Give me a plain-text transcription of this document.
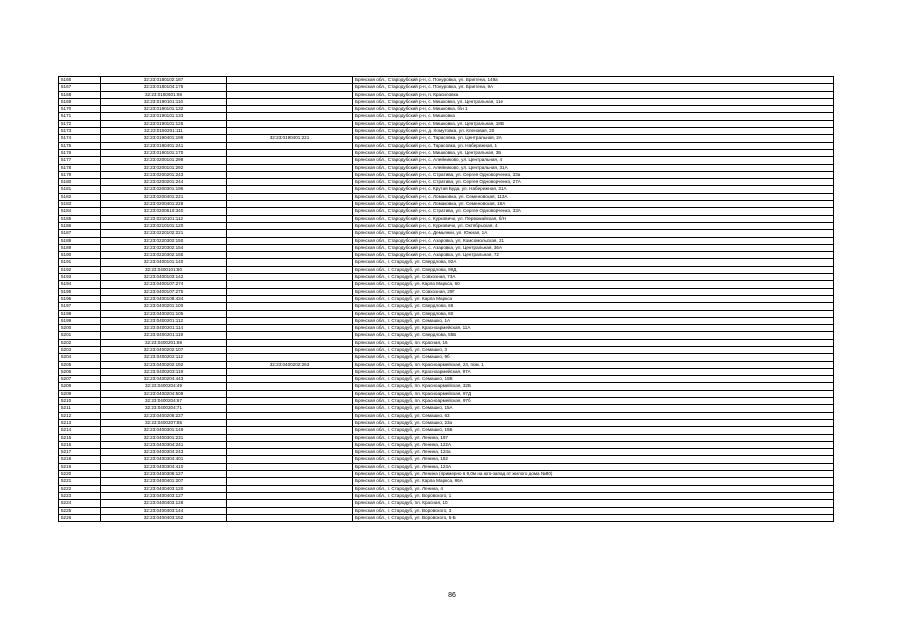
5166	32:23:0180102:187		Брянская обл., Стародубский р-н, с. Понуровка, ул. Бриггена, 149а
5167	32:23:0180104:175		Брянская обл., Стародубский р-н, с. Понуровка, ул. Бриггена, 9А
5168	32:23:0180601:98		Брянская обл., Стародубский р-н, п. Красиловка
5169	32:23:0190101:110		Брянская обл., Стародубский р-н, с. Мишковка, ул. Центральная, 11е
5170	32:23:0190101:132		Брянская обл., Стародубский р-н, с. Мишковка, б\н 1
5171	32:23:0190101:133		Брянская обл., Стародубский р-н, с. Мишковка
5172	32:23:0190101:125		Брянская обл., Стародубский р-н, с. Мишковка, ул. Центральная, 18В
5173	32:23:0190201:111		Брянская обл., Стародубский р-н, д. Хомутовка, ул. Кленовая, 20
5174	32:23:0190401:199	32:23:0190401:221	Брянская обл., Стародубский р-н, с. Тарасовка, ул. Центральная, 2А
5175	32:23:0190401:241		Брянская обл., Стародубский р-н, с. Тарасовка, ул. Набережная, 1
5176	32:23:0190101:170		Брянская обл., Стародубский р-н, с. Мишковка, ул. Центральная, 3Б
5177	32:23:0200101:298		Брянская обл., Стародубский р-н, с. Алейниково, ул. Центральная, 4
5178	32:23:0200101:292		Брянская обл., Стародубский р-н, с. Алейниково, ул. Центральная, 31А
5179	32:23:0200201:243		Брянская обл., Стародубский р-н, с. Стратива, ул. Сергея Одноворченко, 33а
5180	32:23:0200201:244		Брянская обл., Стародубский р-н, с. Стратива, ул. Сергея Одноворченко, 27А
5181	32:23:0200301:196		Брянская обл., Стародубский р-н, с. Крутая Буда, ул. Набережная, 31А
5182	32:23:0200401:221		Брянская обл., Стародубский р-н, с. Ломаковка, ул. Семеновская, 113А
5183	32:23:0200401:228		Брянская обл., Стародубский р-н, с. Ломаковка, ул. Семеновская, 18А
5184	32:23:0200610:340		Брянская обл., Стародубский р-н, с. Стратива, ул. Сергея Одноворченко, 33А
5185	32:23:0210101:112		Брянская обл., Стародубский р-н, с. Курковичи, ул. Первомайская, б/Н
5186	32:23:0210101:120		Брянская обл., Стародубский р-н, с. Курковичи, ул. Октябрьская, 4
5187	32:23:0220102:221		Брянская обл., Стародубский р-н, с. Демьянки, ул. Южная, 1А
5188	32:23:0220302:150		Брянская обл., Стародубский р-н, с. Азаровка, ул. Комсомольская, 21
5189	32:23:0220302:154		Брянская обл., Стародубский р-н, с. Азаровка, ул. Центральная, 36А
5190	32:23:0220302:155		Брянская обл., Стародубский р-н, с. Азаровка, ул. Центральная, 72
5191	32:23:0400101:140		Брянская обл., г. Стародуб, ул. Свердлова, 92А
5192	32:23:0400101:80		Брянская обл., г. Стародуб, ул. Свердлова, 99Д
5193	32:23:0400103:142		Брянская обл., г. Стародуб, ул. Совхозная, 73А
5194	32:23:0400107:274		Брянская обл., г. Стародуб, ул. Карла Маркса, 60
5195	32:23:0400107:275		Брянская обл., г. Стародуб, ул. Совхозная, 29Г
5196	32:23:0400108:434		Брянская обл., г. Стародуб, ул. Карла Маркса
5197	32:23:0400201:100		Брянская обл., г. Стародуб, ул. Свердлова, 68
5198	32:23:0400201:105		Брянская обл., г. Стародуб, ул. Свердлова, 60
5199	32:23:0400201:112		Брянская обл., г. Стародуб, ул. Семашко, 1А
5200	32:23:0400201:114		Брянская обл., г. Стародуб, ул. Красноармейская, 11А
5201	32:23:0400201:119		Брянская обл., г. Стародуб, ул. Свердлова, 55Б
5202	32:23:0400201:88		Брянская обл., г. Стародуб, пл. Красная, 16
5203	32:23:0400202:107		Брянская обл., г. Стародуб, ул. Семашко, 3
5204	32:23:0400202:112		Брянская обл., г. Стародуб, ул. Семашко, 9б
5205	32:23:0400202:192	32:23:0400202:263	Брянская обл., г. Стародуб, пл. Красноармейская, 24, пом. 1
5206	32:23:0400203:119		Брянская обл., г. Стародуб, ул. Красноармейская, 97А
5207	32:23:0400204:443		Брянская обл., г. Стародуб, ул. Семашко, 15В
5208	32:23:0400204:49		Брянская обл., г. Стародуб, пл. Красноармейская, 32Б
5209	32:23:0400204:509		Брянская обл., г. Стародуб, пл. Красноармейская, 97Д
5210	32:23:0400204:67		Брянская обл., г. Стародуб, пл. Красноармейская, 97б
5211	32:23:0400204:71		Брянская обл., г. Стародуб, ул. Семашко, 15А
5212	32:23:0400206:227		Брянская обл., г. Стародуб, ул. Семашко, 63
5213	32:23:0400207:85		Брянская обл., г. Стародуб, ул. Семашко, 23а
5214	32:23:0400301:146		Брянская обл., г. Стародуб, ул. Семашко, 15Б
5215	32:23:0400301:231		Брянская обл., г. Стародуб, ул. Ленина, 197
5216	32:23:0400304:241		Брянская обл., г. Стародуб, ул. Ленина, 122А
5217	32:23:0400304:243		Брянская обл., г. Стародуб, ул. Ленина, 124а
5218	32:23:0400304:401		Брянская обл., г. Стародуб, ул. Ленина, 152
5219	32:23:0400304:410		Брянская обл., г. Стародуб, ул. Ленина, 124А
5220	32:23:0400306:127		Брянская обл., г. Стародуб, ул. Ленина (примерно в 9,0м на юго-запад от жилого дома №80)
5221	32:23:0400401:207		Брянская обл., г. Стародуб, ул. Карла Маркса, 86А
5222	32:23:0400403:120		Брянская обл., г. Стародуб, ул. Ленина, 4
5223	32:23:0400403:127		Брянская обл., г. Стародуб, ул. Воровского, 1
5224	32:23:0400403:128		Брянская обл., г. Стародуб, пл. Красная, 10
5225	32:23:0400403:144		Брянская обл., г. Стародуб, ул. Воровского, 3
5226	32:23:0400403:152		Брянская обл., г. Стародуб, ул. Воровского, 5-Б
86
